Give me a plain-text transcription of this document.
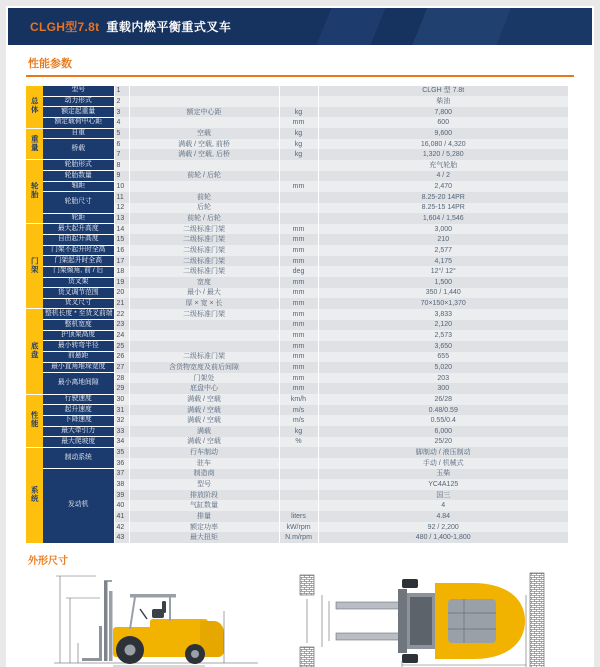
CLGH型7.8t 重载内燃平衡重式叉车
性能参数
总体	型号	1			CLGH 型 7.8t
	动力形式	2			柴油
	额定起重量	3	额定中心距	kg	7,800
	额定载荷中心距	4		mm	600
重量	自重	5	空载	kg	9,600
	桥载	6	满载 / 空载, 前桥	kg	16,080 / 4,320
		7	满载 / 空载, 后桥	kg	1,320 / 5,280
轮胎	轮胎形式	8			充气轮胎
	轮胎数量	9	前轮 / 后轮		4 / 2
	轴距	10		mm	2,470
	轮胎尺寸	11	前轮		8.25-20 14PR
		12	后轮		8.25-15 14PR
	轮距	13	前轮 / 后轮		1,604 / 1,546
门架	最大起升高度	14	二级标准门架	mm	3,000
	自由起升高度	15	二级标准门架	mm	210
	门架不起升时全高	16	二级标准门架	mm	2,577
	门架起升时全高	17	二级标准门架	mm	4,175
	门架倾角, 前 / 后	18	二级标准门架	deg	12°/ 12°
	货叉架	19	宽度	mm	1,500
	货叉调节范围	20	最小 / 最大	mm	350 / 1,440
	货叉尺寸	21	厚 × 宽 × 长	mm	70×150×1,370
底盘	整机长度 * 至货叉前端	22	二级标准门架	mm	3,833
	整机宽度	23		mm	2,120
	护顶架高度	24		mm	2,573
	最小转弯半径	25		mm	3,650
	前悬距	26	二级标准门架	mm	655
	最小直角堆垛宽度	27	含货物宽度及前后间隙	mm	5,020
	最小离地间隙	28	门架处	mm	203
		29	底盘中心	mm	300
性能	行驶速度	30	满载 / 空载	km/h	26/28
	起升速度	31	满载 / 空载	m/s	0.48/0.59
	下降速度	32	满载 / 空载	m/s	0.55/0.4
	最大牵引力	33	满载	kg	6,000
	最大爬坡度	34	满载 / 空载	%	25/20
系统	制动系统	35	行车制动		脚制动 / 液压制动
		36	驻车		手动 / 机械式
	发动机	37	制造商		玉柴
		38	型号		YC4A125
		39	排放阶段		国三
		40	气缸数量		4
		41	排量	liters	4.84
		42	额定功率	kW/rpm	92 / 2,200
		43	最大扭矩	N.m/rpm	480 / 1,400-1,800
外形尺寸
